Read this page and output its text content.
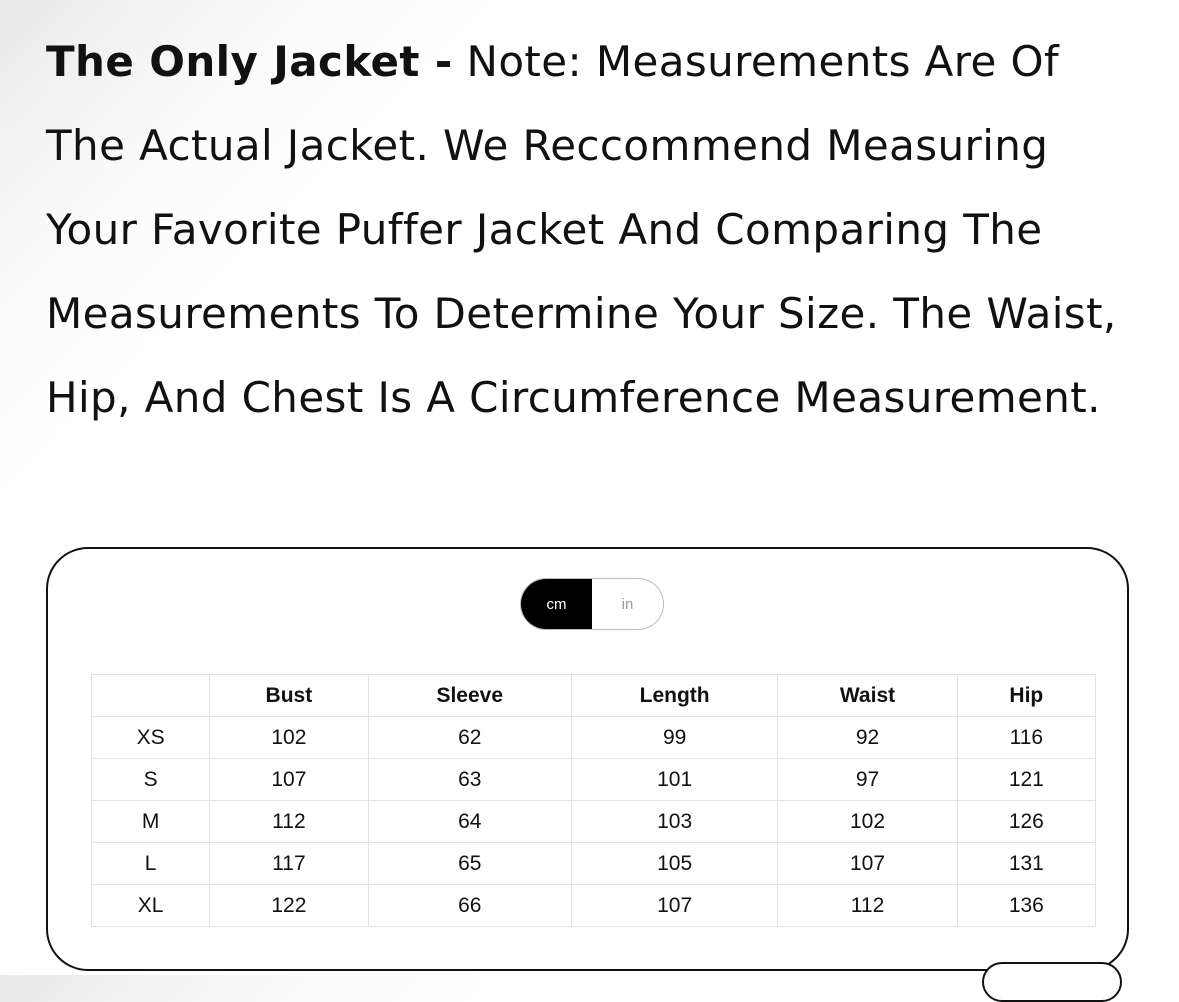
The Only Jacket - Note: Measurements Are Of The Actual Jacket. We Reccommend Measuring Your Favorite Puffer Jacket And Comparing The Measurements To Determine Your Size. The Waist, Hip, And Chest Is A Circumference Measurement.

cm	in
	Bust	Sleeve	Length	Waist	Hip
XS	102	62	99	92	116
S	107	63	101	97	121
M	112	64	103	102	126
L	117	65	105	107	131
XL	122	66	107	112	136
